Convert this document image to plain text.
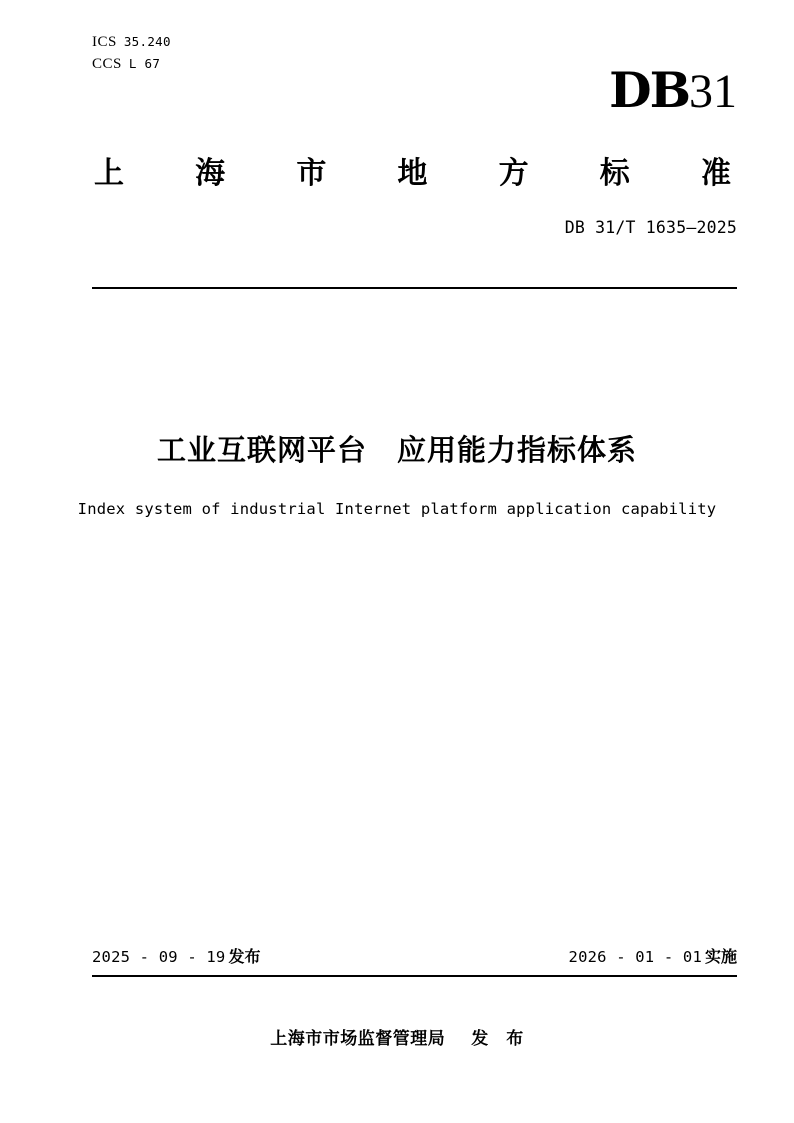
ICS 35.240
CCS L 67	DB31
上 海 市 地 方 标 准
DB 31/T 1635—2025
工业互联网平台　应用能力指标体系
Index system of industrial Internet platform application capability
2025 - 09 - 19 发布	2026 - 01 - 01 实施
上海市市场监督管理局 发　布
